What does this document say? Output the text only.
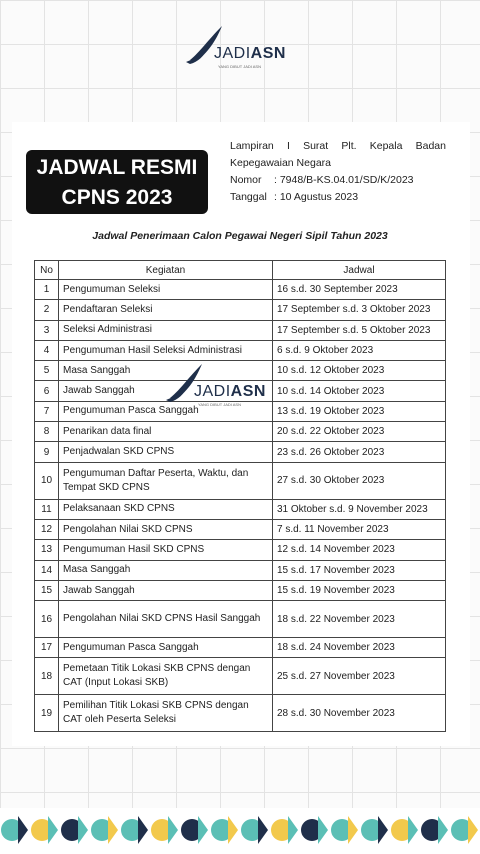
JADIASN
YANG DIBUT JADI ASN
JADWAL RESMI
CPNS 2023
Lampiran I Surat Plt. Kepala Badan
Kepegawaian Negara
Nomor	: 7948/B-KS.04.01/SD/K/2023
Tanggal : 10 Agustus 2023
Jadwal Penerimaan Calon Pegawai Negeri Sipil Tahun 2023
No	Kegiatan	Jadwal
1	Pengumuman Seleksi	16 s.d. 30 September 2023
2	Pendaftaran Seleksi	17 September s.d. 3 Oktober 2023
3	Seleksi Administrasi	17 September s.d. 5 Oktober 2023
4	Pengumuman Hasil Seleksi Administrasi	6 s.d. 9 Oktober 2023
5	Masa Sanggah	10 s.d. 12 Oktober 2023
6	Jawab Sanggah	10 s.d. 14 Oktober 2023
7	Pengumuman Pasca Sanggah	13 s.d. 19 Oktober 2023
8	Penarikan data final	20 s.d. 22 Oktober 2023
9	Penjadwalan SKD CPNS	23 s.d. 26 Oktober 2023
10	Pengumuman Daftar Peserta, Waktu, dan Tempat SKD CPNS	27 s.d. 30 Oktober 2023
11	Pelaksanaan SKD CPNS	31 Oktober s.d. 9 November 2023
12	Pengolahan Nilai SKD CPNS	7 s.d. 11 November 2023
13	Pengumuman Hasil SKD CPNS	12 s.d. 14 November 2023
14	Masa Sanggah	15 s.d. 17 November 2023
15	Jawab Sanggah	15 s.d. 19 November 2023
16	Pengolahan Nilai SKD CPNS Hasil Sanggah	18 s.d. 22 November 2023
17	Pengumuman Pasca Sanggah	18 s.d. 24 November 2023
18	Pemetaan Titik Lokasi SKB CPNS dengan CAT (Input Lokasi SKB)	25 s.d. 27 November 2023
19	Pemilihan Titik Lokasi SKB CPNS dengan CAT oleh Peserta Seleksi	28 s.d. 30 November 2023
JADIASN
YANG DIBUT JADI ASN
